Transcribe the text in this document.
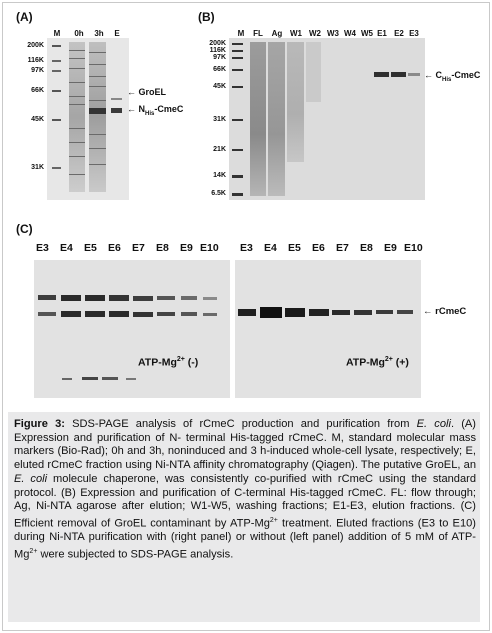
(A)
M	0h	3h	E
200K
116K
97K
66K
45K
31K
← GroEL
← $N_{His}$-CmeC
(B)
M	FL	Ag W1 W2 W3 W4 W5 E1 E2 E3
200K
116K
97K
66K
45K
31K
21K
14K
6.5K
← $C_{His}$-CmeC
(C)
E3 E4 E5 E6 E7 E8 E9 E10 E3 E4 E5 E6 E7 E8 E9 E10
← rCmeC
ATP-$Mg^{2+}$ (-)	ATP-$Mg^{2+}$ (+)
Figure 3: SDS-PAGE analysis of rCmeC production and purification from E. coli. (A) Expression and purification of N- terminal His-tagged rCmeC. M, standard molecular mass markers (Bio-Rad); 0h and 3h, noninduced and 3 h-induced whole-cell lysate, respectively; E, eluted rCmeC fraction using Ni-NTA affinity chromatography (Qiagen). The putative GroEL, an E. coli molecule chaperone, was consistently co-purified with rCmeC using the standard protocol. (B) Expression and purification of C-terminal His-tagged rCmeC. FL: flow through; Ag, Ni-NTA agarose after elution; W1-W5, washing fractions; E1-E3, elution fractions. (C) Efficient removal of GroEL contaminant by ATP-$Mg^{2+}$ treatment. Eluted fractions (E3 to E10) during Ni-NTA purification with (right panel) or without (left panel) addition of 5 mM of ATP- $Mg^{2+}$ were subjected to SDS-PAGE analysis.
